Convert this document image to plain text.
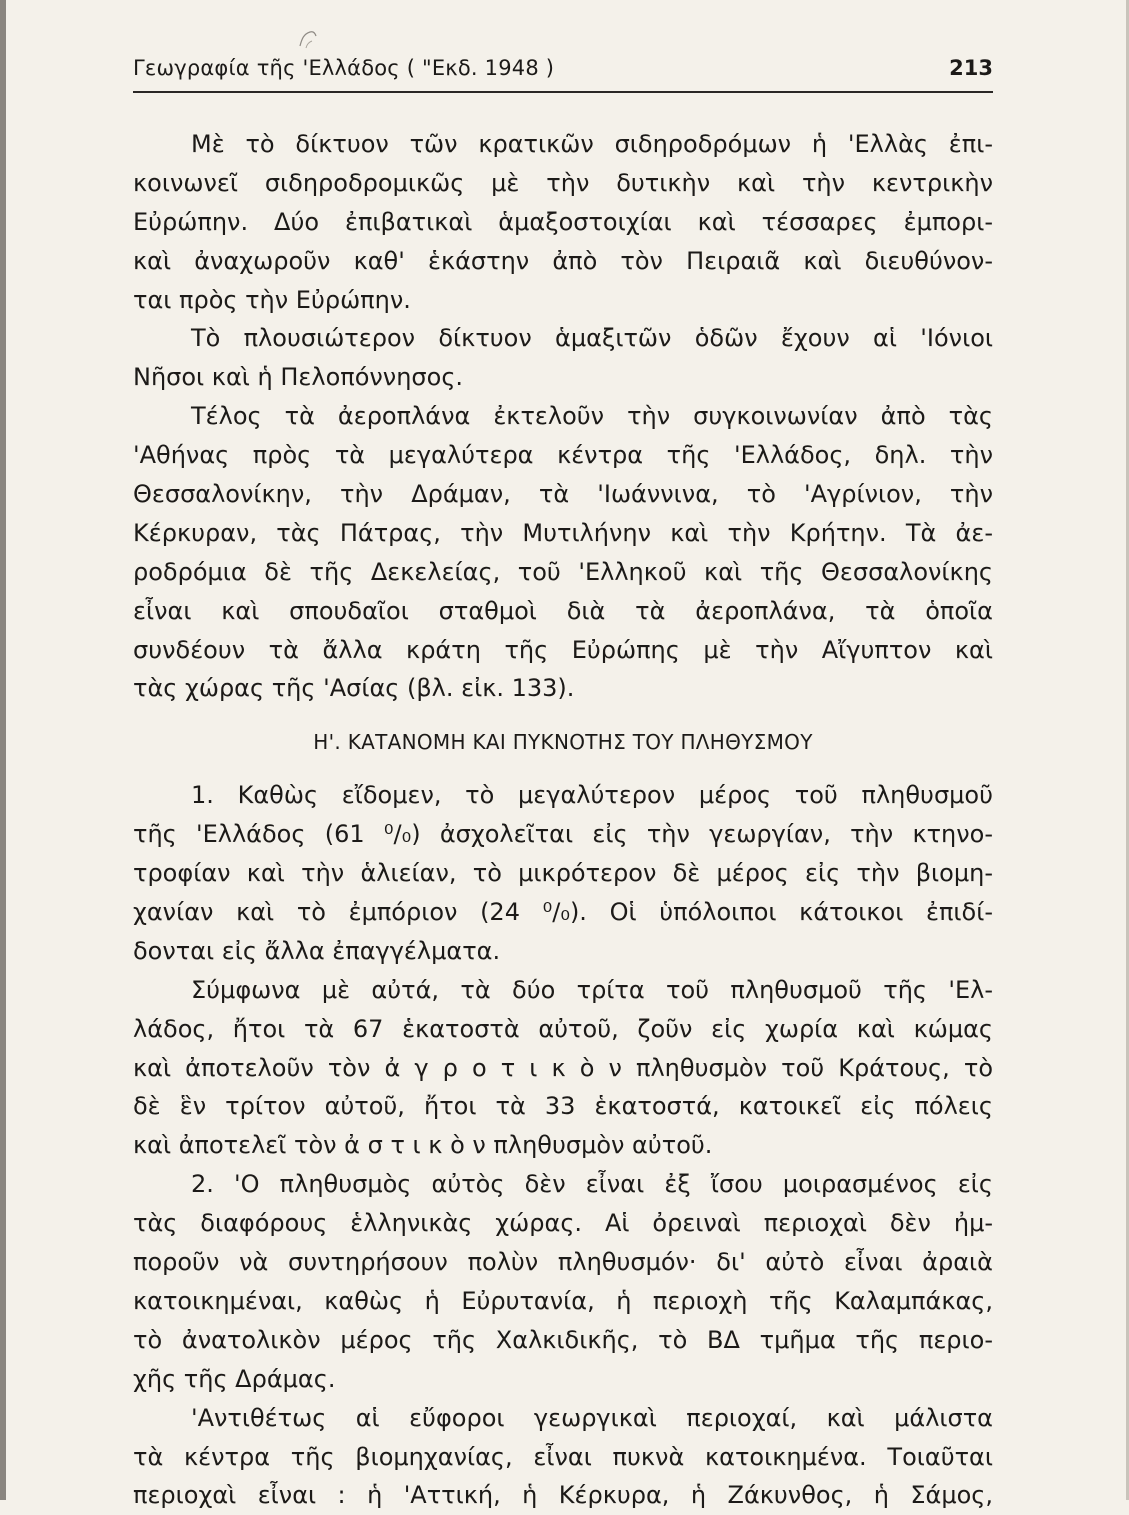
Γεωγραφία τῆς 'Ελλάδος ( "Εκδ. 1948 )	213
Μὲ τὸ δίκτυον τῶν κρατικῶν σιδηροδρόμων ἡ 'Ελλὰς ἐπι-
κοινωνεῖ σιδηροδρομικῶς μὲ τὴν δυτικὴν καὶ τὴν κεντρικὴν
Εὐρώπην. Δύο ἐπιβατικαὶ ἁμαξοστοιχίαι καὶ τέσσαρες ἐμπορι-
καὶ ἀναχωροῦν καθ' ἑκάστην ἀπὸ τὸν Πειραιᾶ καὶ διευθύνον-
ται πρὸς τὴν Εὐρώπην.
Τὸ πλουσιώτερον δίκτυον ἁμαξιτῶν ὁδῶν ἔχουν αἱ 'Ιόνιοι
Νῆσοι καὶ ἡ Πελοπόννησος.
Τέλος τὰ ἀεροπλάνα ἐκτελοῦν τὴν συγκοινωνίαν ἀπὸ τὰς
'Αθήνας πρὸς τὰ μεγαλύτερα κέντρα τῆς 'Ελλάδος, δηλ. τὴν
Θεσσαλονίκην, τὴν Δράμαν, τὰ 'Ιωάννινα, τὸ 'Αγρίνιον, τὴν
Κέρκυραν, τὰς Πάτρας, τὴν Μυτιλήνην καὶ τὴν Κρήτην. Τὰ ἀε-
ροδρόμια δὲ τῆς Δεκελείας, τοῦ 'Ελληκοῦ καὶ τῆς Θεσσαλονίκης
εἶναι καὶ σπουδαῖοι σταθμοὶ διὰ τὰ ἀεροπλάνα, τὰ ὁποῖα
συνδέουν τὰ ἄλλα κράτη τῆς Εὐρώπης μὲ τὴν Αἴγυπτον καὶ
τὰς χώρας τῆς 'Ασίας (βλ. εἰκ. 133).
Η'. ΚΑΤΑΝΟΜΗ ΚΑΙ ΠΥΚΝΟΤΗΣ ΤΟΥ ΠΛΗΘΥΣΜΟΥ
1. Καθὼς εἴδομεν, τὸ μεγαλύτερον μέρος τοῦ πληθυσμοῦ
τῆς 'Ελλάδος (61 ⁰/₀) ἀσχολεῖται εἰς τὴν γεωργίαν, τὴν κτηνο-
τροφίαν καὶ τὴν ἁλιείαν, τὸ μικρότερον δὲ μέρος εἰς τὴν βιομη-
χανίαν καὶ τὸ ἐμπόριον (24 ⁰/₀). Οἱ ὑπόλοιποι κάτοικοι ἐπιδί-
δονται εἰς ἄλλα ἐπαγγέλματα.
Σύμφωνα μὲ αὐτά, τὰ δύο τρίτα τοῦ πληθυσμοῦ τῆς 'Ελ-
λάδος, ἤτοι τὰ 67 ἑκατοστὰ αὐτοῦ, ζοῦν εἰς χωρία καὶ κώμας
καὶ ἀποτελοῦν τὸν ἀ γ ρ ο τ ι κ ὸ ν πληθυσμὸν τοῦ Κράτους, τὸ
δὲ ἓν τρίτον αὐτοῦ, ἤτοι τὰ 33 ἑκατοστά, κατοικεῖ εἰς πόλεις
καὶ ἀποτελεῖ τὸν ἀ σ τ ι κ ὸ ν πληθυσμὸν αὐτοῦ.
2. 'Ο πληθυσμὸς αὐτὸς δὲν εἶναι ἐξ ἴσου μοιρασμένος εἰς
τὰς διαφόρους ἑλληνικὰς χώρας. Αἱ ὀρειναὶ περιοχαὶ δὲν ἠμ-
ποροῦν νὰ συντηρήσουν πολὺν πληθυσμόν· δι' αὐτὸ εἶναι ἀραιὰ
κατοικημέναι, καθὼς ἡ Εὐρυτανία, ἡ περιοχὴ τῆς Καλαμπάκας,
τὸ ἀνατολικὸν μέρος τῆς Χαλκιδικῆς, τὸ ΒΔ τμῆμα τῆς περιο-
χῆς τῆς Δράμας.
'Αντιθέτως αἱ εὔφοροι γεωργικαὶ περιοχαί, καὶ μάλιστα
τὰ κέντρα τῆς βιομηχανίας, εἶναι πυκνὰ κατοικημένα. Τοιαῦται
περιοχαὶ εἶναι : ἡ 'Αττική, ἡ Κέρκυρα, ἡ Ζάκυνθος, ἡ Σάμος,
